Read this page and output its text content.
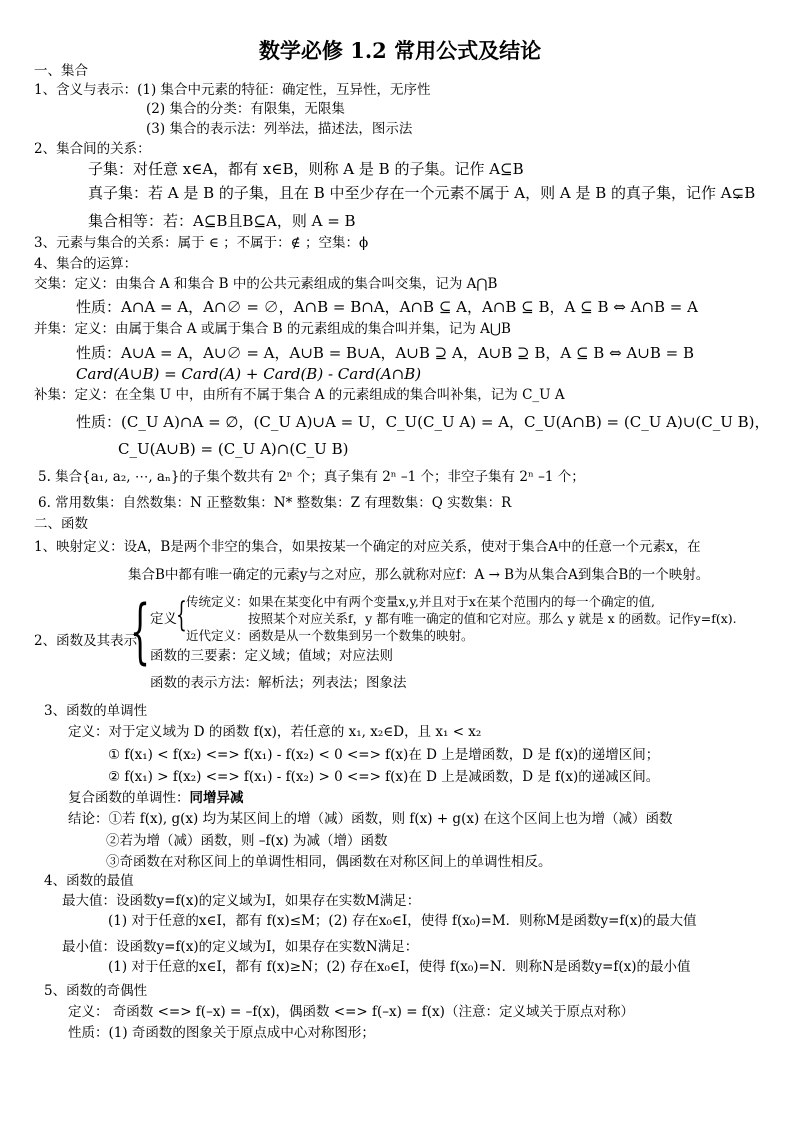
数学必修 1.2 常用公式及结论
一、集合
1、含义与表示：(1) 集合中元素的特征：确定性，互异性，无序性
(2) 集合的分类：有限集，无限集
(3) 集合的表示法：列举法，描述法，图示法
2、集合间的关系：
子集：对任意 x∈A，都有 x∈B，则称 A 是 B 的子集。记作 A⊆B
真子集：若 A 是 B 的子集，且在 B 中至少存在一个元素不属于 A，则 A 是 B 的真子集，记作 A⊊B
集合相等：若：A⊆B且B⊆A，则 A = B
3、元素与集合的关系：属于 ∈ ；不属于：∉ ；空集：ϕ
4、集合的运算：
交集：定义：由集合 A 和集合 B 中的公共元素组成的集合叫交集，记为 A⋂B
性质：A∩A = A，A∩∅ = ∅，A∩B = B∩A，A∩B ⊆ A，A∩B ⊆ B，A ⊆ B ⇔ A∩B = A
并集：定义：由属于集合 A 或属于集合 B 的元素组成的集合叫并集，记为 A⋃B
性质：A∪A = A，A∪∅ = A，A∪B = B∪A，A∪B ⊇ A，A∪B ⊇ B，A ⊆ B ⇔ A∪B = B
Card(A∪B) = Card(A) + Card(B) - Card(A∩B)
补集：定义：在全集 U 中，由所有不属于集合 A 的元素组成的集合叫补集，记为 C_U A
性质：(C_U A)∩A = ∅，(C_U A)∪A = U，C_U(C_U A) = A，C_U(A∩B) = (C_U A)∪(C_U B)，
C_U(A∪B) = (C_U A)∩(C_U B)
5. 集合{a₁, a₂, ⋯, aₙ}的子集个数共有 2ⁿ 个；真子集有 2ⁿ –1 个；非空子集有 2ⁿ –1 个；
6. 常用数集：自然数集：N 正整数集：N* 整数集：Z 有理数集：Q 实数集：R
二、函数
1、映射定义：设A，B是两个非空的集合，如果按某一个确定的对应关系，使对于集合A中的任意一个元素x，在
集合B中都有唯一确定的元素y与之对应，那么就称对应f：A → B为从集合A到集合B的一个映射。
2、函数及其表示
{ 定义 { 传统定义：如果在某变化中有两个变量x,y,并且对于x在某个范围内的每一个确定的值,
按照某个对应关系f，y 都有唯一确定的值和它对应。那么 y 就是 x 的函数。记作y=f(x).
近代定义：函数是从一个数集到另一个数集的映射。
函数的三要素：定义域；值域；对应法则
函数的表示方法：解析法；列表法；图象法
3、函数的单调性
定义：对于定义域为 D 的函数 f(x)，若任意的 x₁, x₂∈D，且 x₁ < x₂
① f(x₁) < f(x₂) <=> f(x₁) - f(x₂) < 0 <=> f(x)在 D 上是增函数，D 是 f(x)的递增区间；
② f(x₁) > f(x₂) <=> f(x₁) - f(x₂) > 0 <=> f(x)在 D 上是减函数，D 是 f(x)的递减区间。
复合函数的单调性：同增异减
结论：①若 f(x), g(x) 均为某区间上的增（减）函数，则 f(x) + g(x) 在这个区间上也为增（减）函数
②若为增（减）函数，则 –f(x) 为减（增）函数
③奇函数在对称区间上的单调性相同，偶函数在对称区间上的单调性相反。
4、函数的最值
最大值：设函数y=f(x)的定义域为I，如果存在实数M满足：
(1) 对于任意的x∈I，都有 f(x)≤M；(2) 存在x₀∈I，使得 f(x₀)=M．则称M是函数y=f(x)的最大值
最小值：设函数y=f(x)的定义域为I，如果存在实数N满足：
(1) 对于任意的x∈I，都有 f(x)≥N；(2) 存在x₀∈I，使得 f(x₀)=N．则称N是函数y=f(x)的最小值
5、函数的奇偶性
定义： 奇函数 <=> f(–x) = –f(x)，偶函数 <=> f(–x) = f(x)（注意：定义域关于原点对称）
性质：(1) 奇函数的图象关于原点成中心对称图形；
